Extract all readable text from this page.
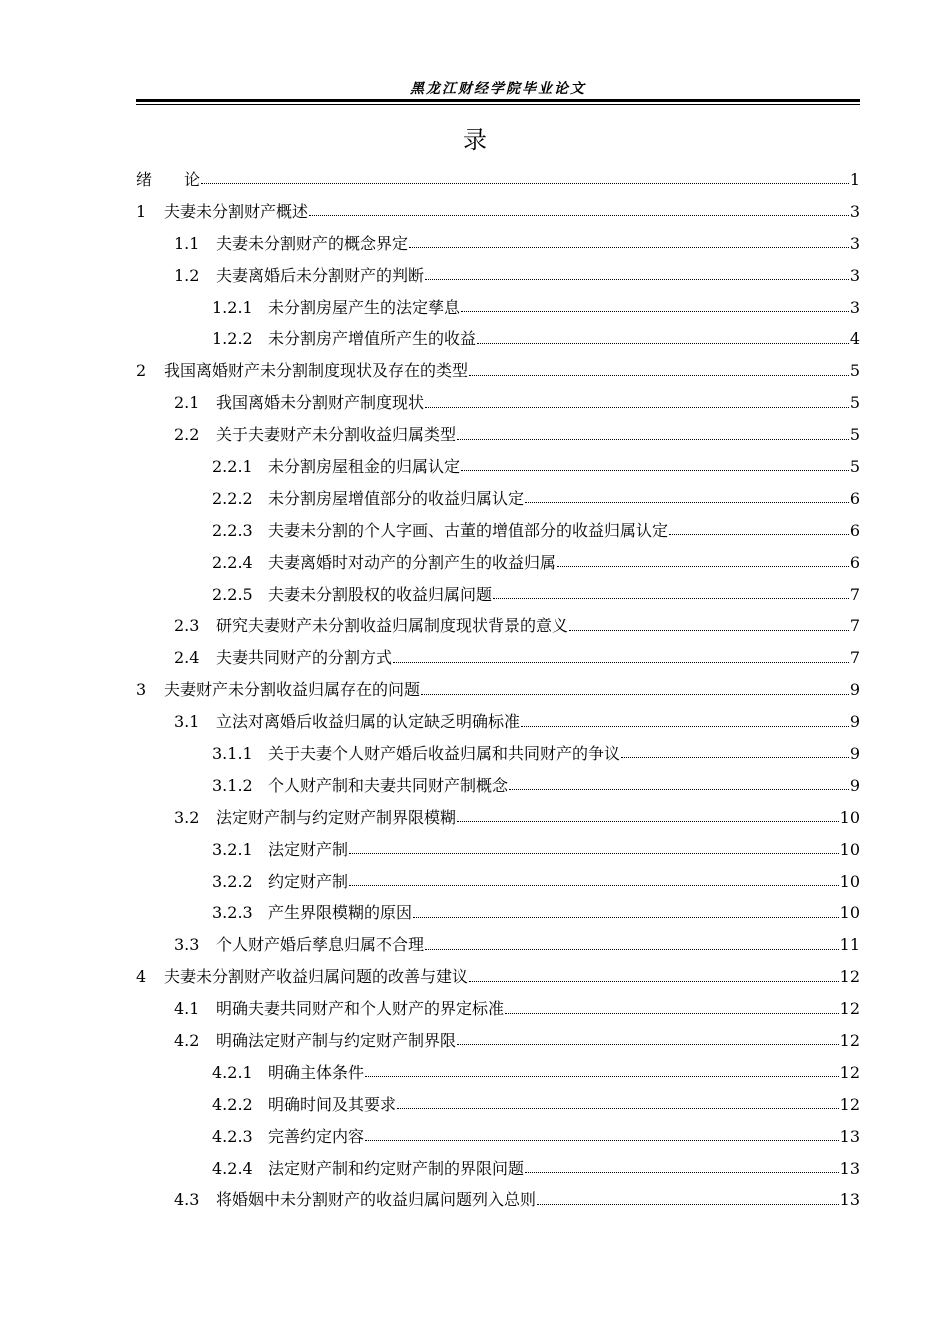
黑龙江财经学院毕业论文
录
绪　　论	1
1	夫妻未分割财产概述	3
1.1	夫妻未分割财产的概念界定	3
1.2	夫妻离婚后未分割财产的判断	3
1.2.1 未分割房屋产生的法定孳息	3
1.2.2 未分割房产增值所产生的收益	4
2	我国离婚财产未分割制度现状及存在的类型	5
2.1	我国离婚未分割财产制度现状	5
2.2	关于夫妻财产未分割收益归属类型	5
2.2.1 未分割房屋租金的归属认定	5
2.2.2 未分割房屋增值部分的收益归属认定	6
2.2.3 夫妻未分割的个人字画、古董的增值部分的收益归属认定	6
2.2.4 夫妻离婚时对动产的分割产生的收益归属	6
2.2.5 夫妻未分割股权的收益归属问题	7
2.3	研究夫妻财产未分割收益归属制度现状背景的意义	7
2.4	夫妻共同财产的分割方式	7
3	夫妻财产未分割收益归属存在的问题	9
3.1	立法对离婚后收益归属的认定缺乏明确标准	9
3.1.1 关于夫妻个人财产婚后收益归属和共同财产的争议	9
3.1.2 个人财产制和夫妻共同财产制概念	9
3.2	法定财产制与约定财产制界限模糊	10
3.2.1 法定财产制	10
3.2.2 约定财产制	10
3.2.3 产生界限模糊的原因	10
3.3	个人财产婚后孳息归属不合理	11
4	夫妻未分割财产收益归属问题的改善与建议	12
4.1	明确夫妻共同财产和个人财产的界定标准	12
4.2	明确法定财产制与约定财产制界限	12
4.2.1 明确主体条件	12
4.2.2 明确时间及其要求	12
4.2.3 完善约定内容	13
4.2.4 法定财产制和约定财产制的界限问题	13
4.3	将婚姻中未分割财产的收益归属问题列入总则	13
